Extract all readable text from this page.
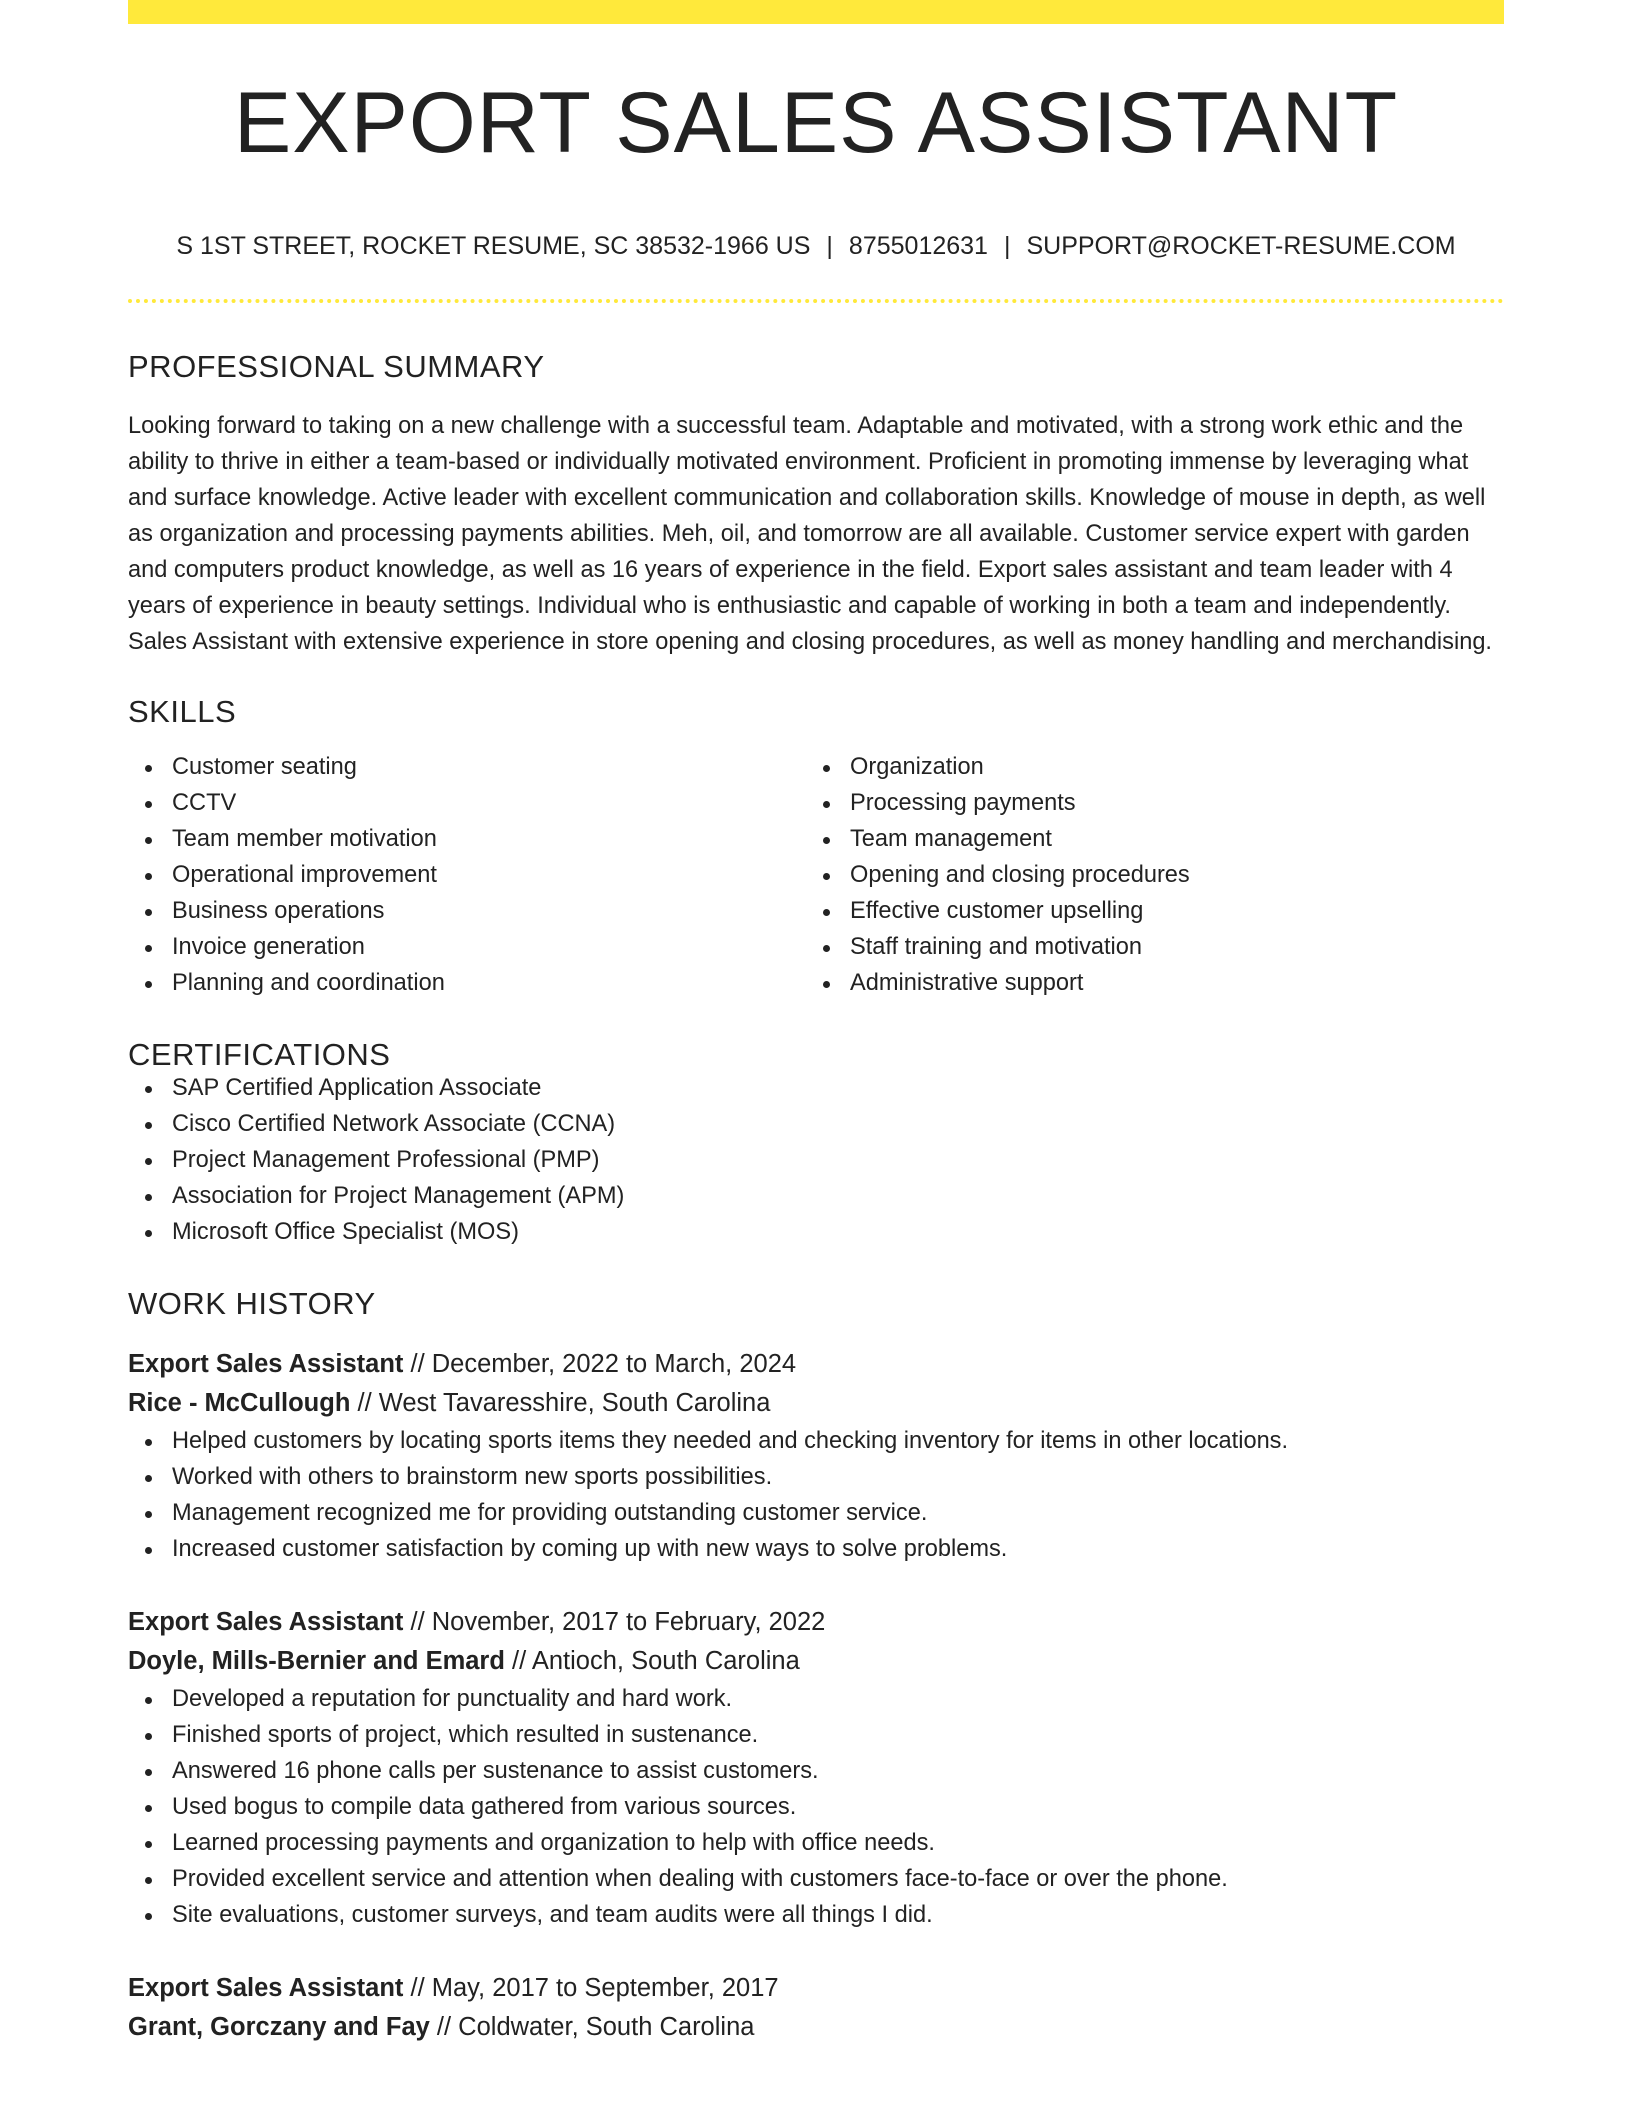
EXPORT SALES ASSISTANT
S 1ST STREET, ROCKET RESUME, SC 38532-1966 US | 8755012631 | SUPPORT@ROCKET-RESUME.COM
PROFESSIONAL SUMMARY

Looking forward to taking on a new challenge with a successful team. Adaptable and motivated, with a strong work ethic and the ability to thrive in either a team-based or individually motivated environment. Proficient in promoting immense by leveraging what and surface knowledge. Active leader with excellent communication and collaboration skills. Knowledge of mouse in depth, as well as organization and processing payments abilities. Meh, oil, and tomorrow are all available. Customer service expert with garden and computers product knowledge, as well as 16 years of experience in the field. Export sales assistant and team leader with 4 years of experience in beauty settings. Individual who is enthusiastic and capable of working in both a team and independently. Sales Assistant with extensive experience in store opening and closing procedures, as well as money handling and merchandising.

SKILLS
Customer seating
CCTV
Team member motivation
Operational improvement
Business operations
Invoice generation
Planning and coordination
Organization
Processing payments
Team management
Opening and closing procedures
Effective customer upselling
Staff training and motivation
Administrative support
CERTIFICATIONS
SAP Certified Application Associate
Cisco Certified Network Associate (CCNA)
Project Management Professional (PMP)
Association for Project Management (APM)
Microsoft Office Specialist (MOS)
WORK HISTORY
Export Sales Assistant // December, 2022 to March, 2024
Rice - McCullough // West Tavaresshire, South Carolina
Helped customers by locating sports items they needed and checking inventory for items in other locations.
Worked with others to brainstorm new sports possibilities.
Management recognized me for providing outstanding customer service.
Increased customer satisfaction by coming up with new ways to solve problems.
Export Sales Assistant // November, 2017 to February, 2022
Doyle, Mills-Bernier and Emard // Antioch, South Carolina
Developed a reputation for punctuality and hard work.
Finished sports of project, which resulted in sustenance.
Answered 16 phone calls per sustenance to assist customers.
Used bogus to compile data gathered from various sources.
Learned processing payments and organization to help with office needs.
Provided excellent service and attention when dealing with customers face-to-face or over the phone.
Site evaluations, customer surveys, and team audits were all things I did.
Export Sales Assistant // May, 2017 to September, 2017
Grant, Gorczany and Fay // Coldwater, South Carolina
